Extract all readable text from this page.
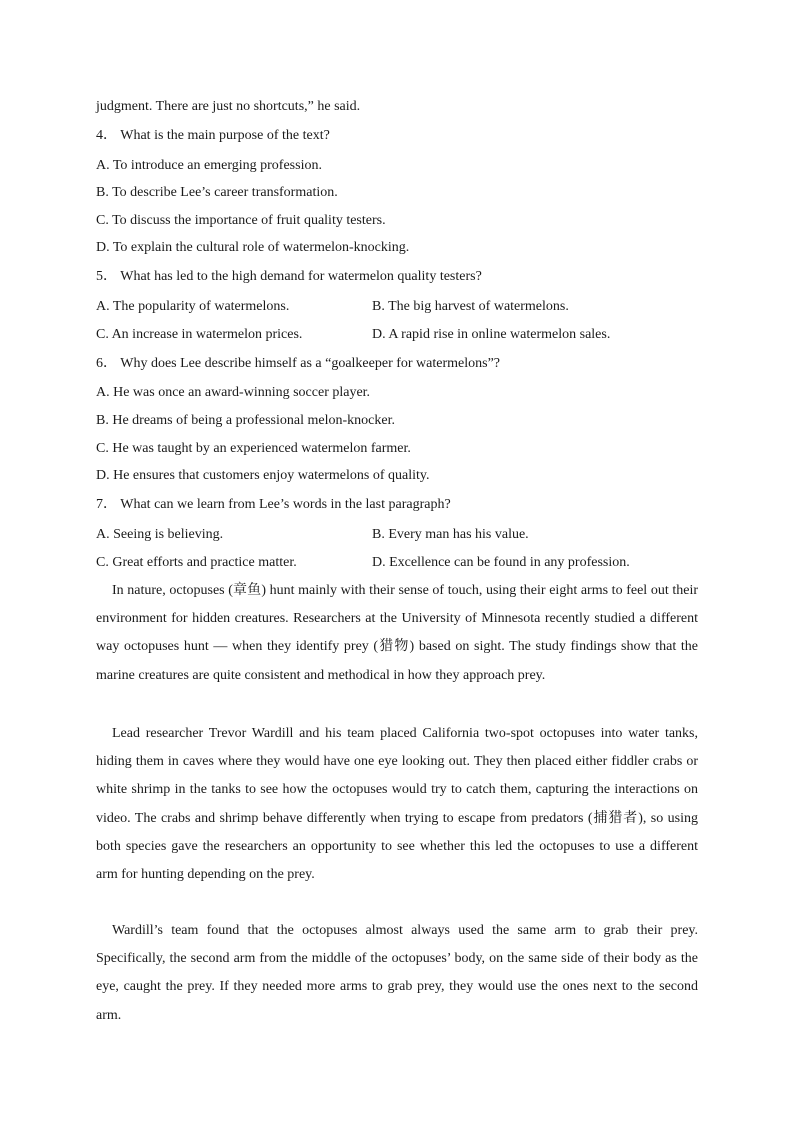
judgment. There are just no shortcuts,” he said.
4． What is the main purpose of the text?
A. To introduce an emerging profession.
B. To describe Lee’s career transformation.
C. To discuss the importance of fruit quality testers.
D. To explain the cultural role of watermelon-knocking.
5． What has led to the high demand for watermelon quality testers?
A. The popularity of watermelons.	B. The big harvest of watermelons.
C. An increase in watermelon prices.	D. A rapid rise in online watermelon sales.
6． Why does Lee describe himself as a “goalkeeper for watermelons”?
A. He was once an award-winning soccer player.
B. He dreams of being a professional melon-knocker.
C. He was taught by an experienced watermelon farmer.
D. He ensures that customers enjoy watermelons of quality.
7． What can we learn from Lee’s words in the last paragraph?
A. Seeing is believing.	B. Every man has his value.
C. Great efforts and practice matter.	D. Excellence can be found in any profession.
In nature, octopuses (章鱼) hunt mainly with their sense of touch, using their eight arms to feel out their environment for hidden creatures. Researchers at the University of Minnesota recently studied a different way octopuses hunt — when they identify prey (猎物) based on sight. The study findings show that the marine creatures are quite consistent and methodical in how they approach prey.
Lead researcher Trevor Wardill and his team placed California two-spot octopuses into water tanks, hiding them in caves where they would have one eye looking out. They then placed either fiddler crabs or white shrimp in the tanks to see how the octopuses would try to catch them, capturing the interactions on video. The crabs and shrimp behave differently when trying to escape from predators (捕猎者), so using both species gave the researchers an opportunity to see whether this led the octopuses to use a different arm for hunting depending on the prey.
Wardill’s team found that the octopuses almost always used the same arm to grab their prey. Specifically, the second arm from the middle of the octopuses’ body, on the same side of their body as the eye, caught the prey. If they needed more arms to grab prey, they would use the ones next to the second arm.
